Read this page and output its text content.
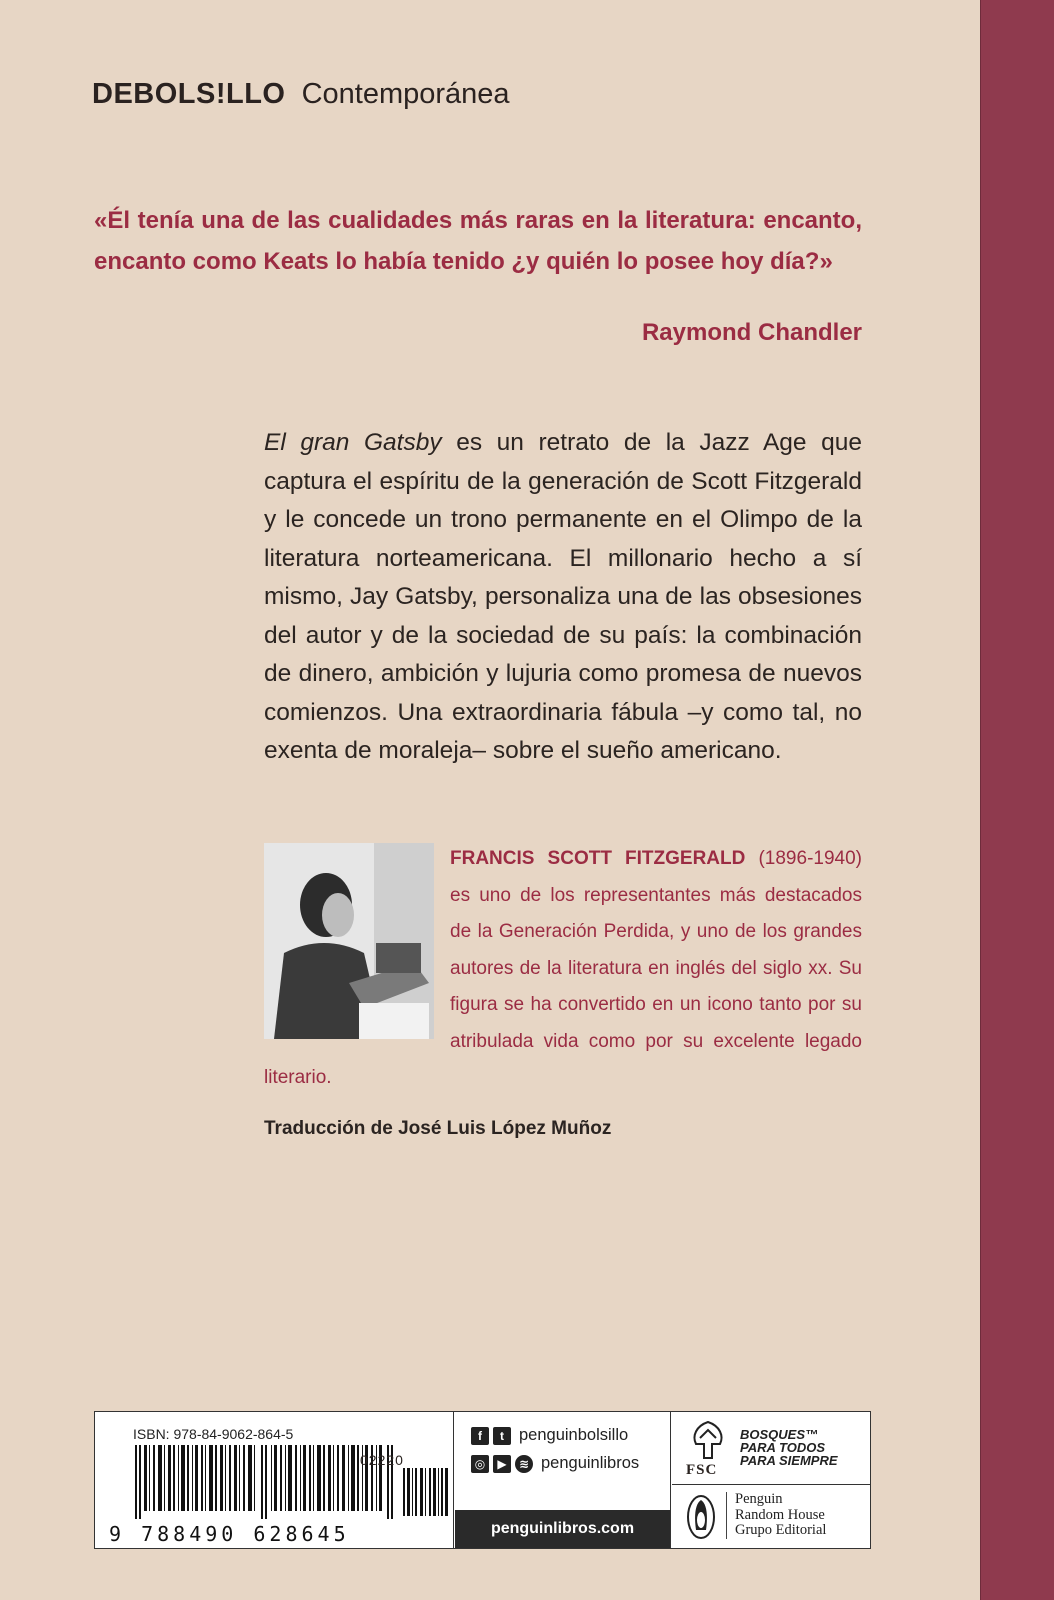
DEBOLS!LLO Contemporánea
«Él tenía una de las cualidades más raras en la literatura: encanto, encanto como Keats lo había tenido ¿y quién lo posee hoy día?»
Raymond Chandler
El gran Gatsby es un retrato de la Jazz Age que captura el espíritu de la generación de Scott Fitzgerald y le concede un trono permanente en el Olimpo de la literatura norteamericana. El millonario hecho a sí mismo, Jay Gatsby, personaliza una de las obsesiones del autor y de la sociedad de su país: la combinación de dinero, ambición y lujuria como promesa de nuevos comienzos. Una extraordinaria fábula –y como tal, no exenta de moraleja– sobre el sueño americano.
FRANCIS SCOTT FITZGERALD (1896-1940) es uno de los representantes más destacados de la Generación Perdida, y uno de los grandes autores de la literatura en inglés del siglo xx. Su figura se ha convertido en un icono tanto por su atribulada vida como por su excelente legado literario.
Traducción de José Luis López Muñoz
ISBN: 978-84-9062-864-5
02220
9 788490 628645
f	t penguinbolsillo
◎	▶	≋ penguinlibros
penguinlibros.com
FSC
BOSQUES™
PARA TODOS
PARA SIEMPRE
Penguin
Random House
Grupo Editorial
